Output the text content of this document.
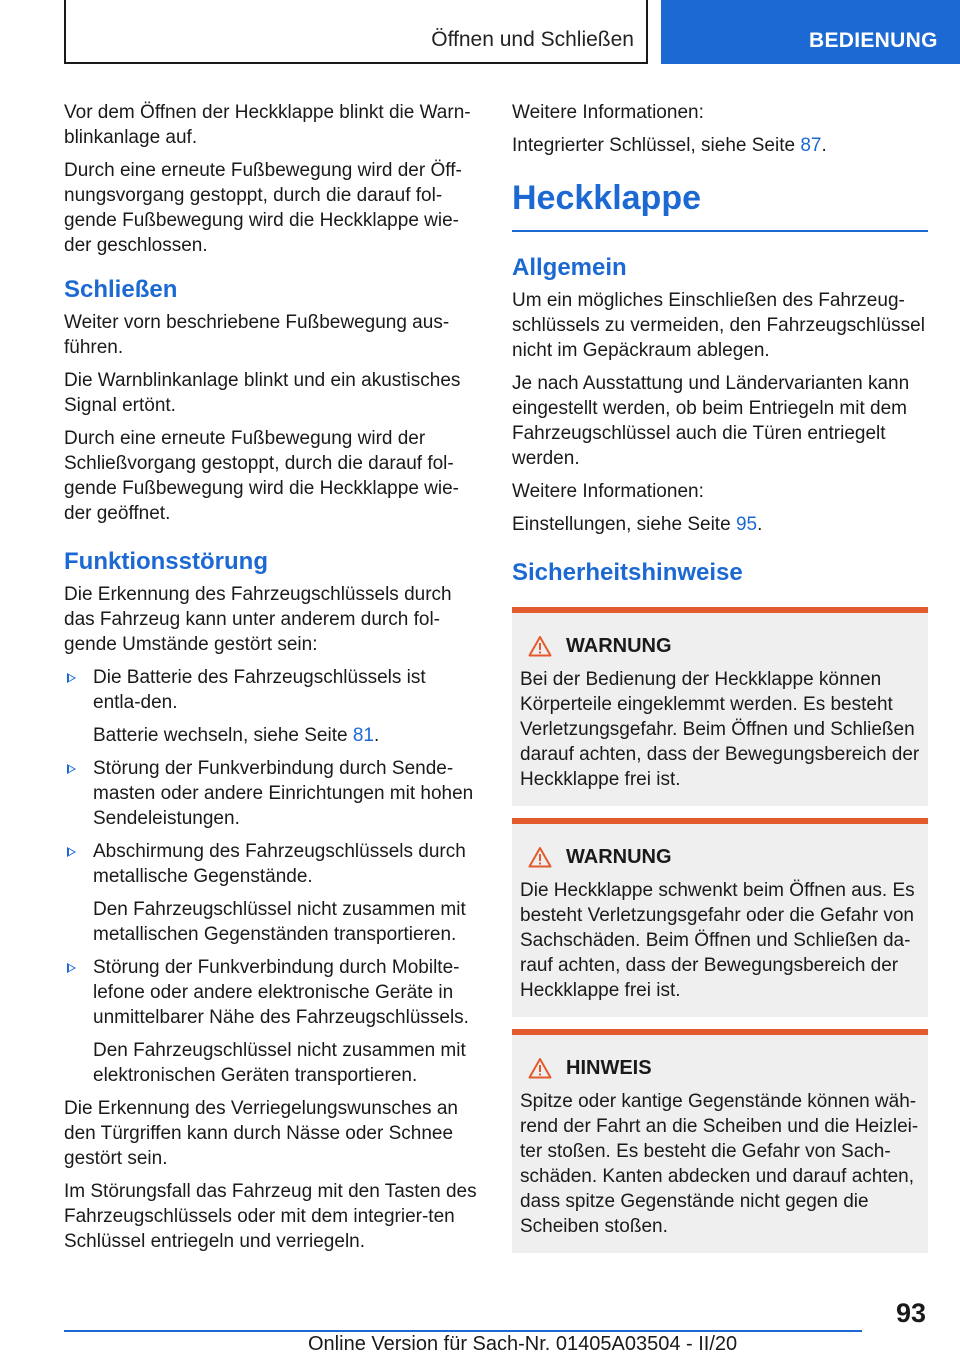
Öffnen und Schließen	BEDIENUNG

Vor dem Öffnen der Heckklappe blinkt die Warn‐blinkanlage auf.

Durch eine erneute Fußbewegung wird der Öff‐nungsvorgang gestoppt, durch die darauf fol‐gende Fußbewegung wird die Heckklappe wie‐der geschlossen.

Schließen

Weiter vorn beschriebene Fußbewegung aus‐führen.

Die Warnblinkanlage blinkt und ein akustisches Signal ertönt.

Durch eine erneute Fußbewegung wird der Schließvorgang gestoppt, durch die darauf fol‐gende Fußbewegung wird die Heckklappe wie‐der geöffnet.

Funktionsstörung

Die Erkennung des Fahrzeugschlüssels durch das Fahrzeug kann unter anderem durch fol‐gende Umstände gestört sein:

Die Batterie des Fahrzeugschlüssels ist entla‐den.

Batterie wechseln, siehe Seite 81.

Störung der Funkverbindung durch Sende‐masten oder andere Einrichtungen mit hohen Sendeleistungen.

Abschirmung des Fahrzeugschlüssels durch metallische Gegenstände.

Den Fahrzeugschlüssel nicht zusammen mit metallischen Gegenständen transportieren.

Störung der Funkverbindung durch Mobilte‐lefone oder andere elektronische Geräte in unmittelbarer Nähe des Fahrzeugschlüssels.

Den Fahrzeugschlüssel nicht zusammen mit elektronischen Geräten transportieren.

Die Erkennung des Verriegelungswunsches an den Türgriffen kann durch Nässe oder Schnee gestört sein.

Im Störungsfall das Fahrzeug mit den Tasten des Fahrzeugschlüssels oder mit dem integrier‐ten Schlüssel entriegeln und verriegeln.

Weitere Informationen:

Integrierter Schlüssel, siehe Seite 87.

Heckklappe
Allgemein

Um ein mögliches Einschließen des Fahrzeug‐schlüssels zu vermeiden, den Fahrzeugschlüssel nicht im Gepäckraum ablegen.

Je nach Ausstattung und Ländervarianten kann eingestellt werden, ob beim Entriegeln mit dem Fahrzeugschlüssel auch die Türen entriegelt werden.

Weitere Informationen:

Einstellungen, siehe Seite 95.

Sicherheitshinweise
WARNUNG

Bei der Bedienung der Heckklappe können Körperteile eingeklemmt werden. Es besteht Verletzungsgefahr. Beim Öffnen und Schließen darauf achten, dass der Bewegungsbereich der Heckklappe frei ist.

WARNUNG

Die Heckklappe schwenkt beim Öffnen aus. Es besteht Verletzungsgefahr oder die Gefahr von Sachschäden. Beim Öffnen und Schließen da‐rauf achten, dass der Bewegungsbereich der Heckklappe frei ist.

HINWEIS

Spitze oder kantige Gegenstände können wäh‐rend der Fahrt an die Scheiben und die Heizlei‐ter stoßen. Es besteht die Gefahr von Sach‐schäden. Kanten abdecken und darauf achten, dass spitze Gegenstände nicht gegen die Scheiben stoßen.

93
Online Version für Sach-Nr. 01405A03504 - II/20
